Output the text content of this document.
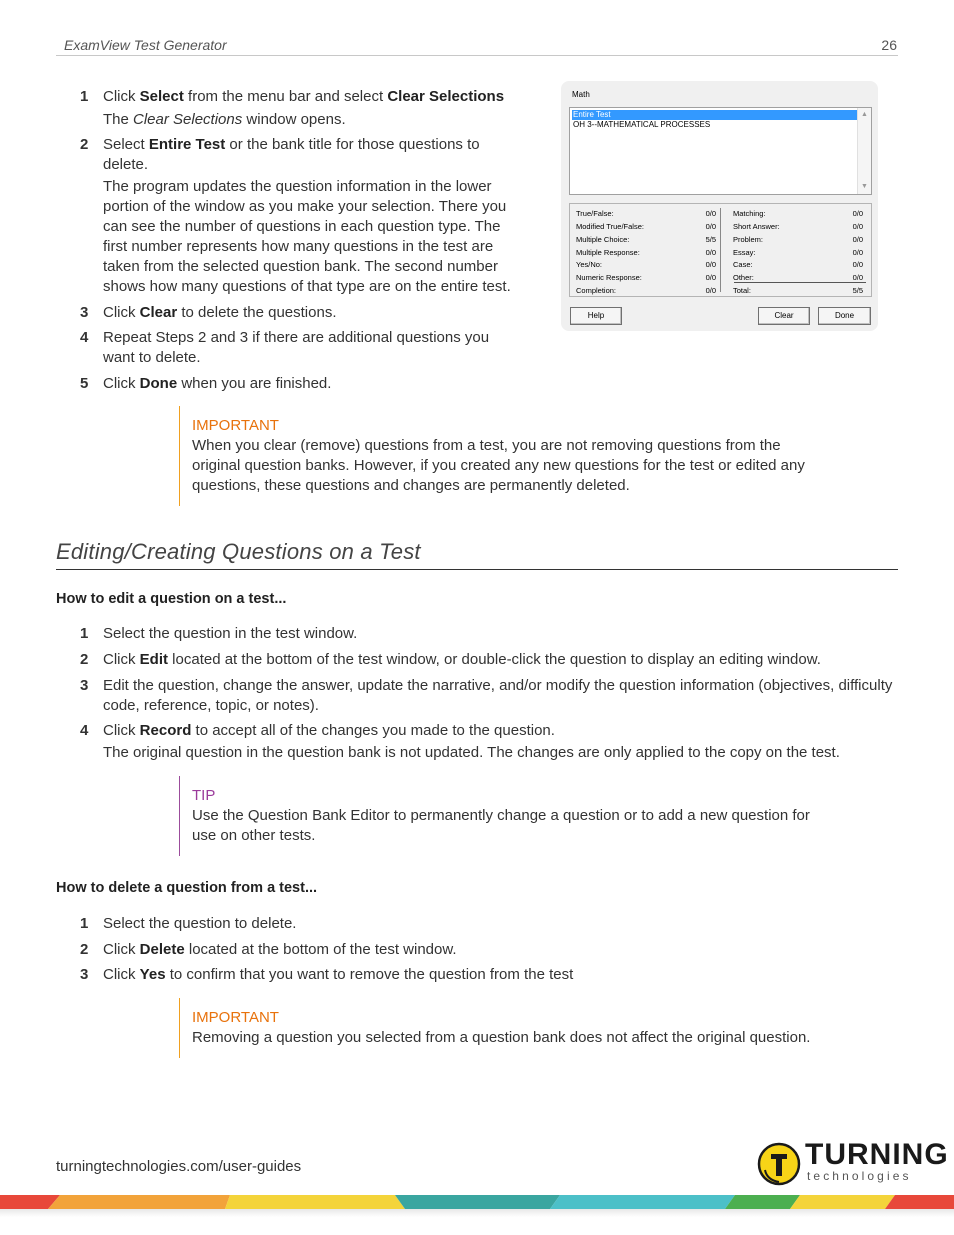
ExamView Test Generator	26
1 Click Select from the menu bar and select Clear Selections
The Clear Selections window opens.
2 Select Entire Test or the bank title for those questions to
delete.
The program updates the question information in the lower
portion of the window as you make your selection. There you
can see the number of questions in each question type. The
first number represents how many questions in the test are
taken from the selected question bank. The second number
shows how many questions of that type are on the entire test.
3 Click Clear to delete the questions.
4 Repeat Steps 2 and 3 if there are additional questions you
want to delete.
5 Click Done when you are finished.
IMPORTANT
When you clear (remove) questions from a test, you are not removing questions from the
original question banks. However, if you created any new questions for the test or edited any
questions, these questions and changes are permanently deleted.
Editing/Creating Questions on a Test
How to edit a question on a test...
1 Select the question in the test window.
2 Click Edit located at the bottom of the test window, or double-click the question to display an editing window.
3 Edit the question, change the answer, update the narrative, and/or modify the question information (objectives, difficulty
code, reference, topic, or notes).
4 Click Record to accept all of the changes you made to the question.
The original question in the question bank is not updated. The changes are only applied to the copy on the test.
TIP
Use the Question Bank Editor to permanently change a question or to add a new question for
use on other tests.
How to delete a question from a test...
1 Select the question to delete.
2 Click Delete located at the bottom of the test window.
3 Click Yes to confirm that you want to remove the question from the test
IMPORTANT
Removing a question you selected from a question bank does not affect the original question.
Math
Entire Test
OH 3--MATHEMATICAL PROCESSES
▲
▼
True/False:	0/0
Modified True/False:	0/0
Multiple Choice:	5/5
Multiple Response:	0/0
Yes/No:	0/0
Numeric Response:	0/0
Completion:	0/0
Matching:	0/0
Short Answer:	0/0
Problem:	0/0
Essay:	0/0
Case:	0/0
Other:	0/0
Total:	5/5
Help	Clear	Done
turningtechnologies.com/user-guides	TURNING
technologies
